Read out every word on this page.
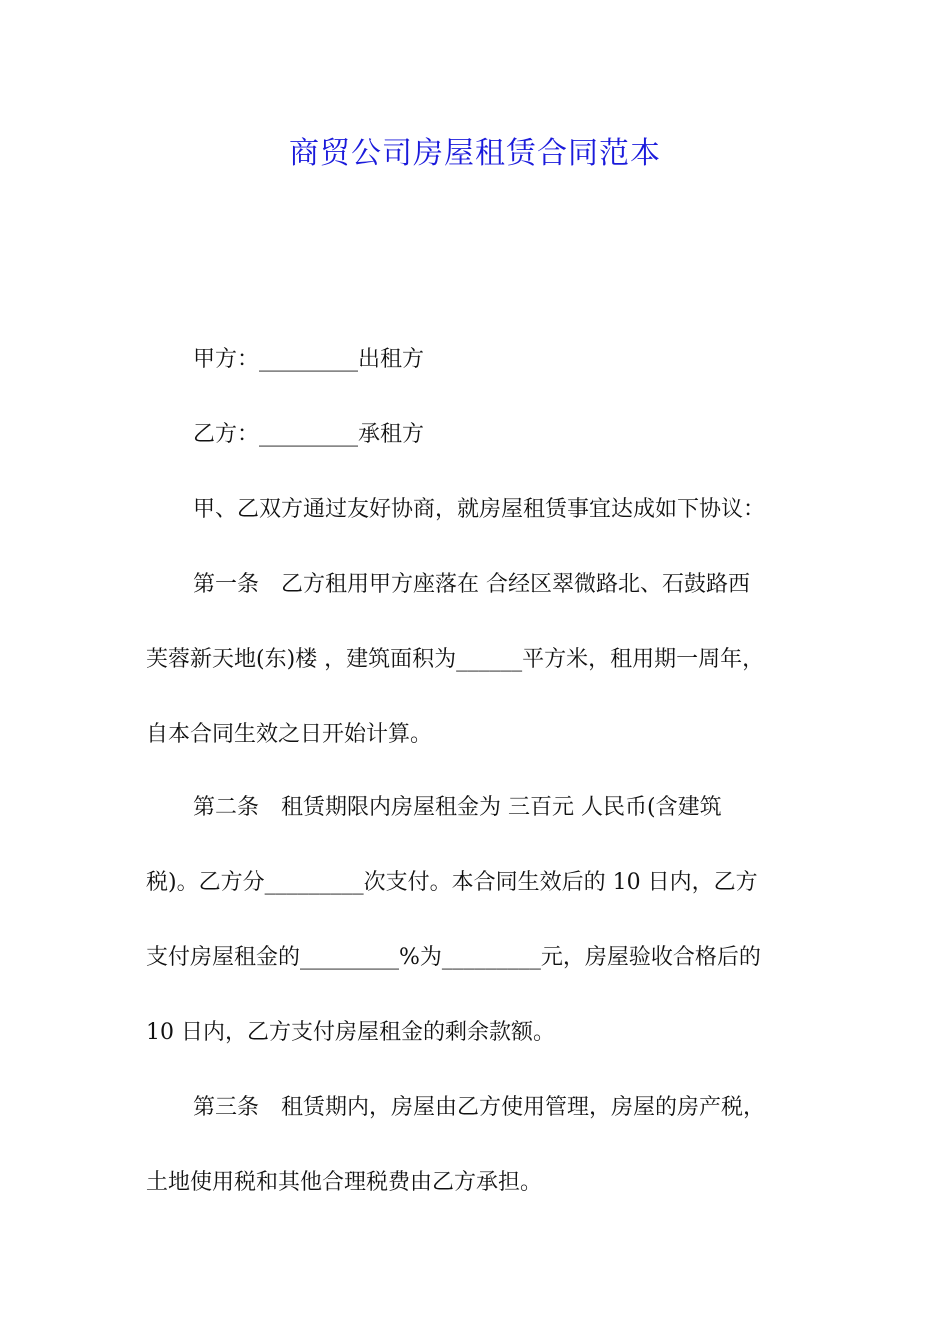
商贸公司房屋租赁合同范本
甲方：_________出租方
乙方：_________承租方
甲、乙双方通过友好协商，就房屋租赁事宜达成如下协议：
第一条　乙方租用甲方座落在 合经区翠微路北、石鼓路西
芙蓉新天地(东)楼 ，建筑面积为______平方米，租用期一周年，
自本合同生效之日开始计算。
第二条　租赁期限内房屋租金为 三百元 人民币(含建筑
税)。乙方分_________次支付。本合同生效后的 10 日内，乙方
支付房屋租金的_________%为_________元，房屋验收合格后的
10 日内，乙方支付房屋租金的剩余款额。
第三条　租赁期内，房屋由乙方使用管理，房屋的房产税，
土地使用税和其他合理税费由乙方承担。
